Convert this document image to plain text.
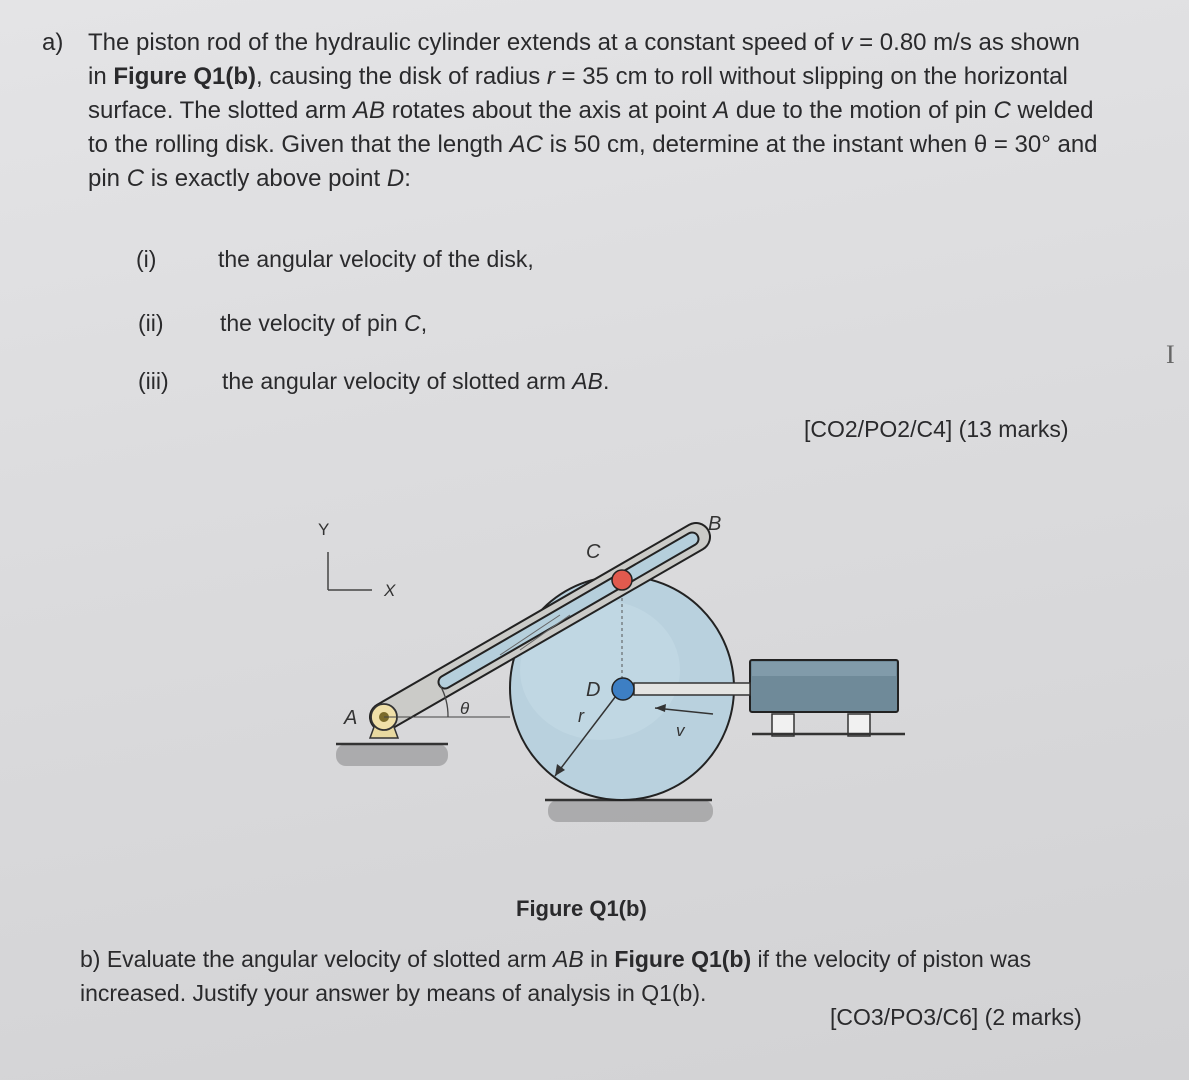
a) The piston rod of the hydraulic cylinder extends at a constant speed of v = 0.80 m/s as shown in Figure Q1(b), causing the disk of radius r = 35 cm to roll without slipping on the horizontal surface. The slotted arm AB rotates about the axis at point A due to the motion of pin C welded to the rolling disk. Given that the length AC is 50 cm, determine at the instant when θ = 30° and pin C is exactly above point D:
(i)	the angular velocity of the disk,
(ii) the velocity of pin C,
(iii) the angular velocity of slotted arm AB.
[CO2/PO2/C4] (13 marks)
Y
X
v
θ
A
B
C
D
r
Figure Q1(b)
b) Evaluate the angular velocity of slotted arm AB in Figure Q1(b) if the velocity of piston was increased. Justify your answer by means of analysis in Q1(b).
[CO3/PO3/C6] (2 marks)
I
